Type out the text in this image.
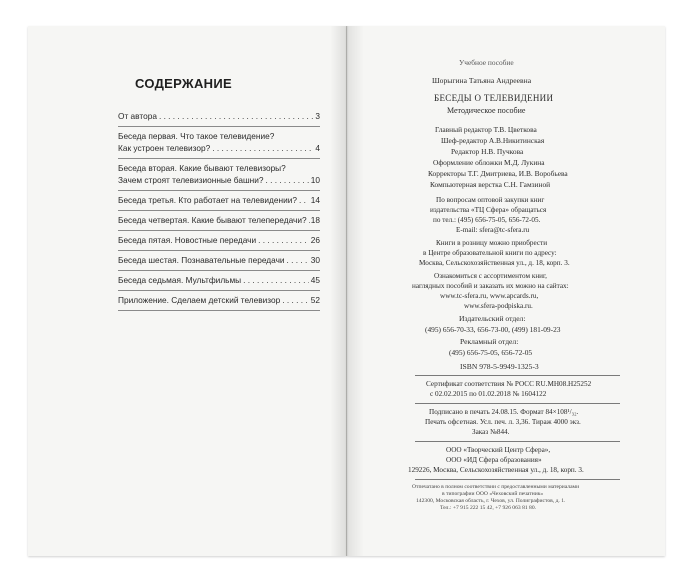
СОДЕРЖАНИЕ
От автора . . .	3
Беседа первая. Что такое телевидение?
Как устроен телевизор? . . .	4
Беседа вторая. Какие бывают телевизоры?
Зачем строят телевизионные башни? . . .	10
Беседа третья. Кто работает на телевидении? . . . 14
Беседа четвертая. Какие бывают телепередачи? . . . 18
Беседа пятая. Новостные передачи . . .	26
Беседа шестая. Познавательные передачи . . .	30
Беседа седьмая. Мультфильмы . . .	45
Приложение. Сделаем детский телевизор . . .	52
Учебное пособие
Шорыгина Татьяна Андреевна
БЕСЕДЫ О ТЕЛЕВИДЕНИИ
Методическое пособие
Главный редактор Т.В. Цветкова
Шеф-редактор А.В.Никитинская
Редактор Н.В. Пучкова
Оформление обложки М.Д. Лукина
Корректоры Т.Г. Дмитриева, И.В. Воробьева
Компьютерная верстка С.Н. Гамзиной
По вопросам оптовой закупки книг
издательства «ТЦ Сфера» обращаться
по тел.: (495) 656-75-05, 656-72-05.
E-mail: sfera@tc-sfera.ru
Книги в розницу можно приобрести
в Центре образовательной книги по адресу:
Москва, Сельскохозяйственная ул., д. 18, корп. 3.
Ознакомиться с ассортиментом книг,
наглядных пособий и заказать их можно на сайтах:
www.tc-sfera.ru, www.apcards.ru,
www.sfera-podpiska.ru.
Издательский отдел:
(495) 656-70-33, 656-73-00, (499) 181-09-23
Рекламный отдел:
(495) 656-75-05, 656-72-05
ISBN 978-5-9949-1325-3
Сертификат соответствия № РОСС RU.МН08.Н25252
с 02.02.2015 по 01.02.2018 № 1604122
Подписано в печать 24.08.15. Формат 84×108¹/₃₂.
Печать офсетная. Усл. печ. л. 3,36. Тираж 4000 экз.
Заказ №844.
ООО «Творческий Центр Сфера»,
ООО «ИД Сфера образования»
129226, Москва, Сельскохозяйственная ул., д. 18, корп. 3.
Отпечатано в полном соответствии с предоставленными материалами
в типографии ООО «Чеховский печатник»
142300, Московская область, г. Чехов, ул. Полиграфистов, д. 1.
Тел.: +7 915 222 15 42, +7 926 063 81 80.
